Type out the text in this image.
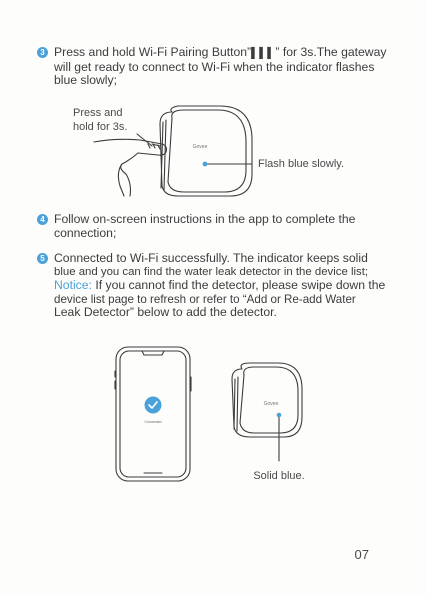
3 Press and hold Wi-Fi Pairing Button”▌▌▌” for 3s.The gateway
will get ready to connect to Wi-Fi when the indicator flashes
blue slowly;
Press and
hold for 3s.
Govee
Flash blue slowly.
4 Follow on-screen instructions in the app to complete the
connection;
5 Connected to Wi-Fi successfully. The indicator keeps solid
blue and you can find the water leak detector in the device list;
Notice: If you cannot find the detector, please swipe down the
device list page to refresh or refer to “Add or Re-add Water
Leak Detector” below to add the detector.
Connected
Govee
Solid blue.
07
